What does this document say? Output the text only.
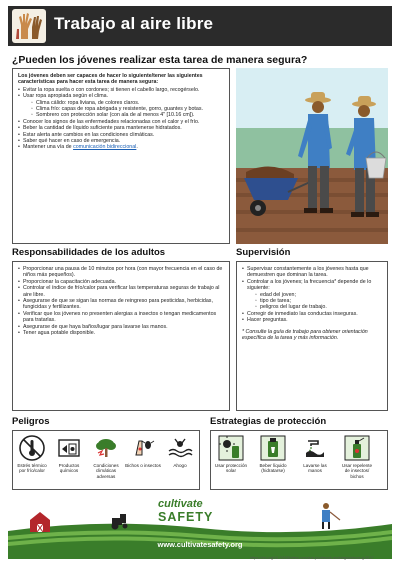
Trabajo al aire libre
¿Pueden los jóvenes realizar esta tarea de manera segura?
Los jóvenes deben ser capaces de hacer lo siguiente/tener las siguientes características para hacer esta tarea de manera segura:
• Evitar la ropa suelta o con cordones; si tienen el cabello largo, recogérselo.
• Usar ropa apropiada según el clima.
◦ Clima cálido: ropa liviana, de colores claros.
◦ Clima frío: capas de ropa abrigada y resistente, gorro, guantes y botas.
◦ Sombrero con protección solar (con ala de al menos 4" [10.16 cm]).
• Conocer los signos de las enfermedades relacionadas con el calor y el frío.
• Beber la cantidad de líquido suficiente para mantenerse hidratados.
• Estar alerta ante cambios en las condiciones climáticas.
• Saber qué hacer en caso de emergencia.
• Mantener una vía de comunicación bidireccional.
Responsabilidades de los adultos
• Proporcionar una pausa de 10 minutos por hora (con mayor frecuencia en el caso de niños más pequeños).
• Proporcionar la capacitación adecuada.
• Controlar el índice de frío/calor para verificar las temperaturas seguras de trabajo al aire libre.
• Asegurarse de que se sigan las normas de reingreso para pesticidas, herbicidas, fungicidas y fertilizantes.
• Verificar que los jóvenes no presenten alergias a insectos o tengan medicamentos para tratarlas.
• Asegurarse de que haya baños/lugar para lavarse las manos.
• Tener agua potable disponible.
Supervisión
• Supervisar constantemente a los jóvenes hasta que demuestren que dominan la tarea.
• Controlar a los jóvenes; la frecuencia* depende de lo siguiente:
◦ edad del joven;
◦ tipo de tarea;
◦ peligros del lugar de trabajo.
• Corregir de inmediato las conductas inseguras.
• Hacer preguntas.
* Consulte la guía de trabajo para obtener orientación específica de la tarea y más información.
Peligros
Estrés térmico por frío/calor
Productos químicos
Condiciones climáticas adversas
Bichos o insectos	Ahogo
Estrategias de protección
Usar protección solar
Beber líquido (hidratarse)
Lavarse las manos
Usar repelente de insectos/ bichos
cultivate
SAFETY
www.cultivatesafety.org
https://doi.org/10.21636/nfmc.nccrahs.youthwork.workingoutdoors.g.2017
